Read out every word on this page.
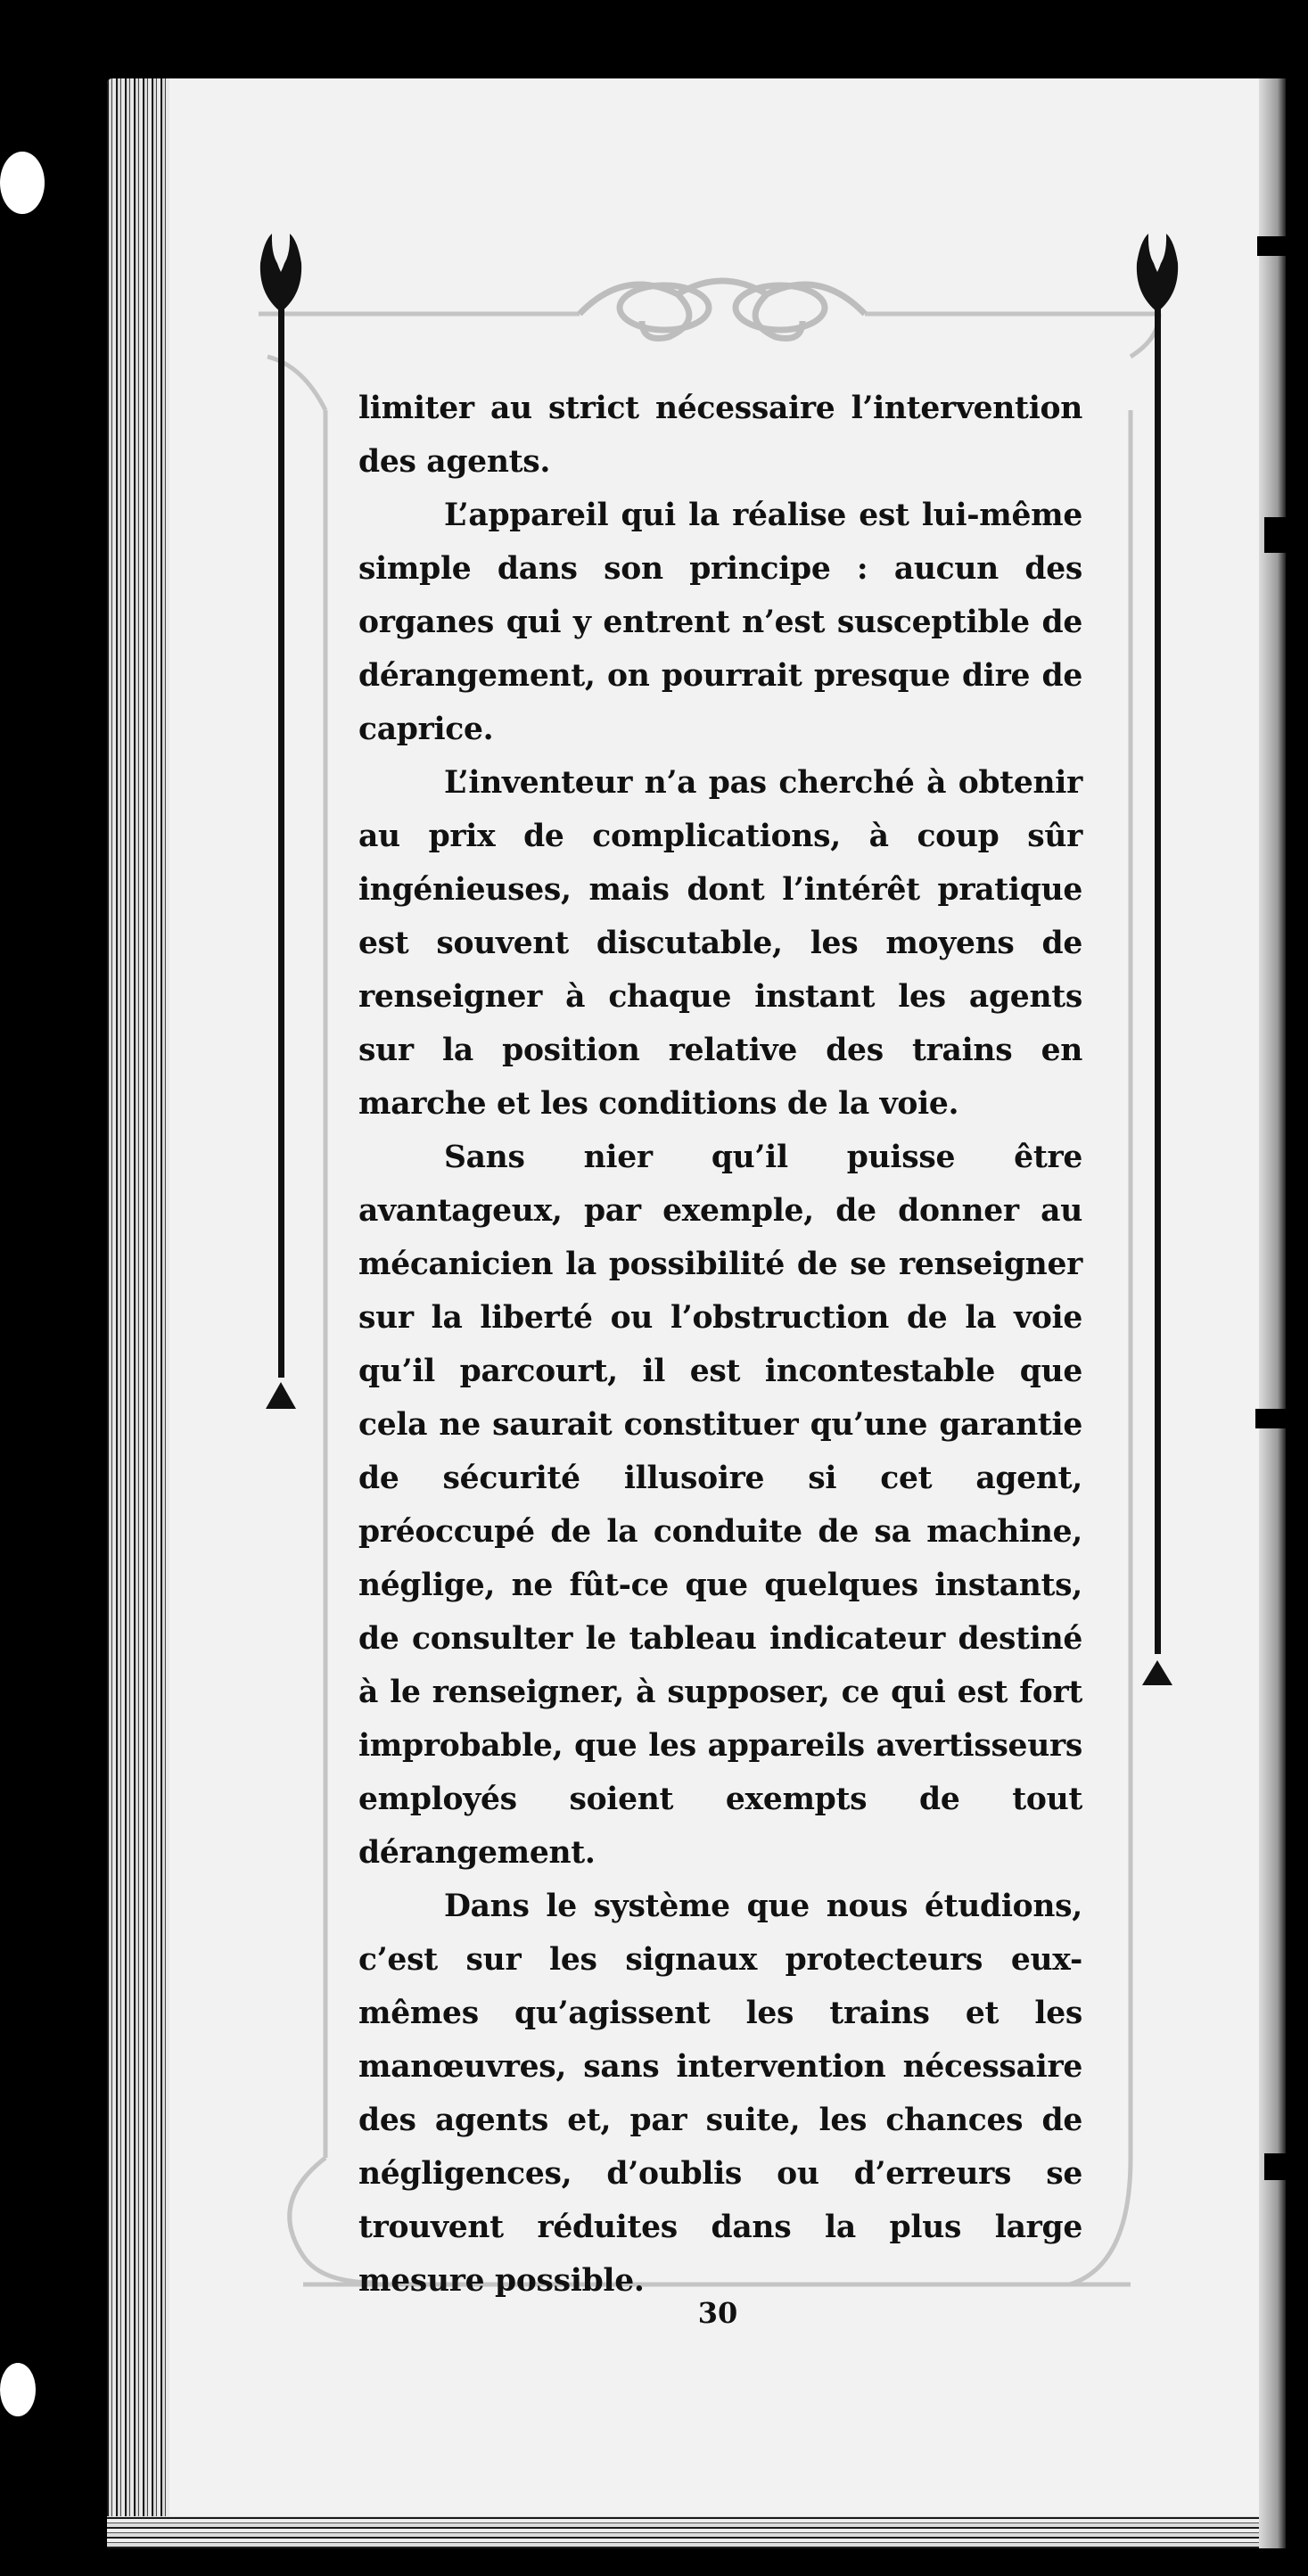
limiter au strict nécessaire l’intervention des agents.

L’appareil qui la réalise est lui-même simple dans son principe : aucun des organes qui y entrent n’est susceptible de dérangement, on pourrait presque dire de caprice.

L’inventeur n’a pas cherché à obtenir au prix de complications, à coup sûr ingénieuses, mais dont l’intérêt pratique est souvent discutable, les moyens de renseigner à chaque instant les agents sur la position relative des trains en marche et les conditions de la voie.

Sans nier qu’il puisse être avantageux, par exemple, de donner au mécanicien la possibilité de se renseigner sur la liberté ou l’obstruction de la voie qu’il parcourt, il est incontestable que cela ne saurait constituer qu’une garantie de sécurité illusoire si cet agent, préoccupé de la conduite de sa machine, néglige, ne fût-ce que quelques instants, de consulter le tableau indicateur destiné à le renseigner, à supposer, ce qui est fort improbable, que les appareils avertisseurs employés soient exempts de tout dérangement.

Dans le système que nous étudions, c’est sur les signaux protecteurs eux-mêmes qu’agissent les trains et les manœuvres, sans intervention nécessaire des agents et, par suite, les chances de négligences, d’oublis ou d’erreurs se trouvent réduites dans la plus large mesure possible.

30
